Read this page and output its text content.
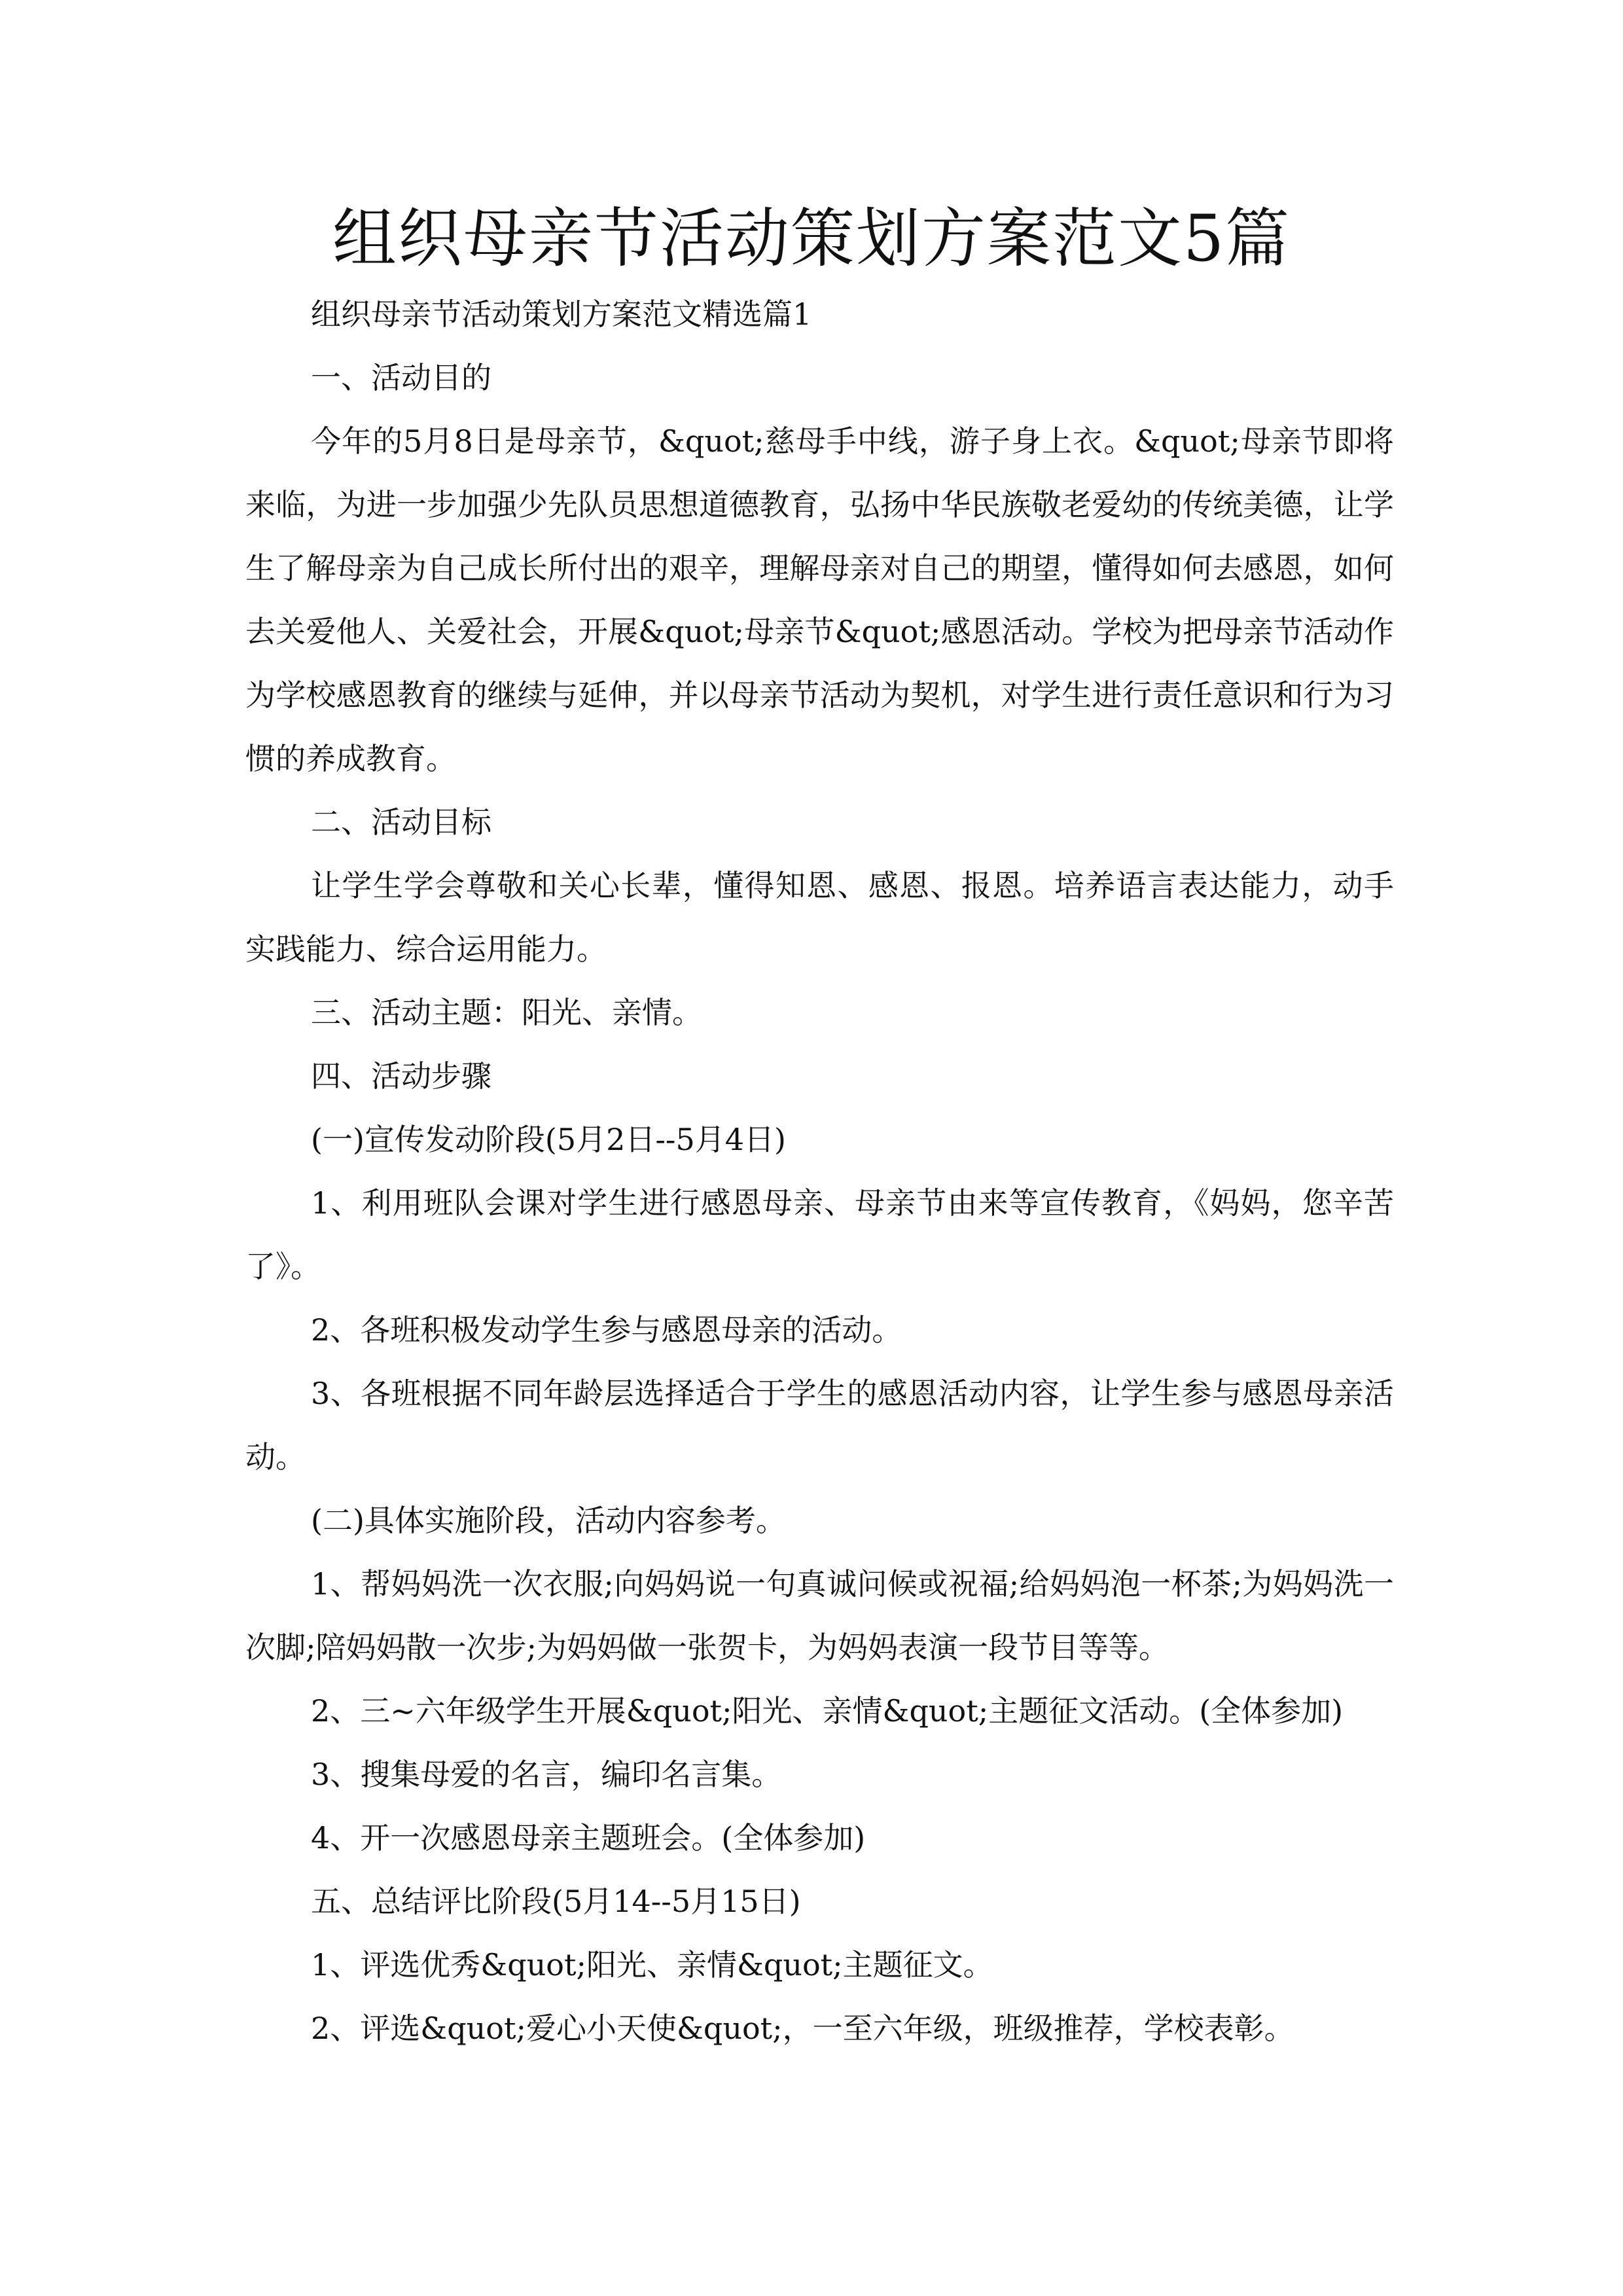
组织母亲节活动策划方案范文5篇

组织母亲节活动策划方案范文精选篇1

一、活动目的

今年的5月8日是母亲节，&quot;慈母手中线，游子身上衣。&quot;母亲节即将来临，为进一步加强少先队员思想道德教育，弘扬中华民族敬老爱幼的传统美德，让学生了解母亲为自己成长所付出的艰辛，理解母亲对自己的期望，懂得如何去感恩，如何去关爱他人、关爱社会，开展&quot;母亲节&quot;感恩活动。学校为把母亲节活动作为学校感恩教育的继续与延伸，并以母亲节活动为契机，对学生进行责任意识和行为习惯的养成教育。

二、活动目标

让学生学会尊敬和关心长辈，懂得知恩、感恩、报恩。培养语言表达能力，动手实践能力、综合运用能力。

三、活动主题：阳光、亲情。

四、活动步骤

(一)宣传发动阶段(5月2日--5月4日)

1、利用班队会课对学生进行感恩母亲、母亲节由来等宣传教育，《妈妈，您辛苦了》。

2、各班积极发动学生参与感恩母亲的活动。

3、各班根据不同年龄层选择适合于学生的感恩活动内容，让学生参与感恩母亲活动。

(二)具体实施阶段，活动内容参考。

1、帮妈妈洗一次衣服;向妈妈说一句真诚问候或祝福;给妈妈泡一杯茶;为妈妈洗一次脚;陪妈妈散一次步;为妈妈做一张贺卡，为妈妈表演一段节目等等。

2、三~六年级学生开展&quot;阳光、亲情&quot;主题征文活动。(全体参加)

3、搜集母爱的名言，编印名言集。

4、开一次感恩母亲主题班会。(全体参加)

五、总结评比阶段(5月14--5月15日)

1、评选优秀&quot;阳光、亲情&quot;主题征文。

2、评选&quot;爱心小天使&quot;，一至六年级，班级推荐，学校表彰。
